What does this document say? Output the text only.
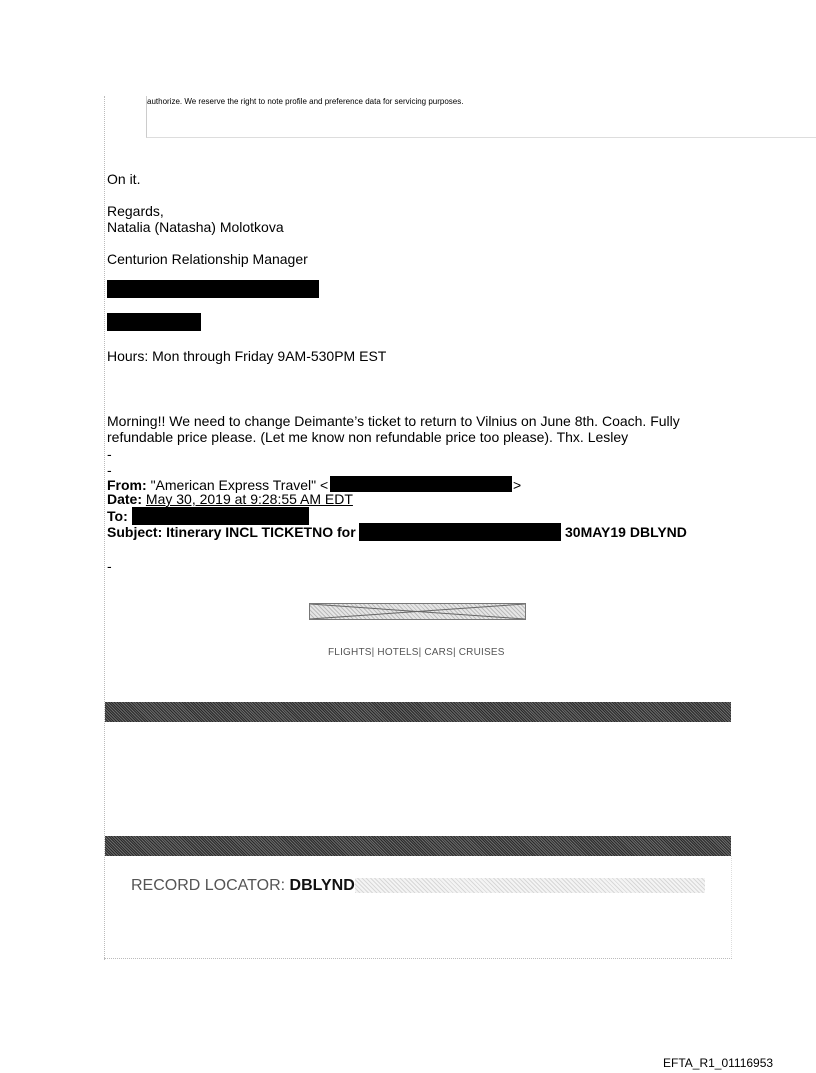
authorize. We reserve the right to note profile and preference data for servicing purposes.
On it.
Regards,
Natalia (Natasha) Molotkova
Centurion Relationship Manager
Hours: Mon through Friday 9AM-530PM EST
Morning!! We need to change Deimante’s ticket to return to Vilnius on June 8th. Coach. Fully
refundable price please. (Let me know non refundable price too please). Thx. Lesley
-
-
From: "American Express Travel" <	>
Date: May 30, 2019 at 9:28:55 AM EDT
To:
Subject: Itinerary INCL TICKETNO for	30MAY19 DBLYND
-
FLIGHTS| HOTELS| CARS| CRUISES
RECORD LOCATOR: DBLYND
EFTA_R1_01116953
